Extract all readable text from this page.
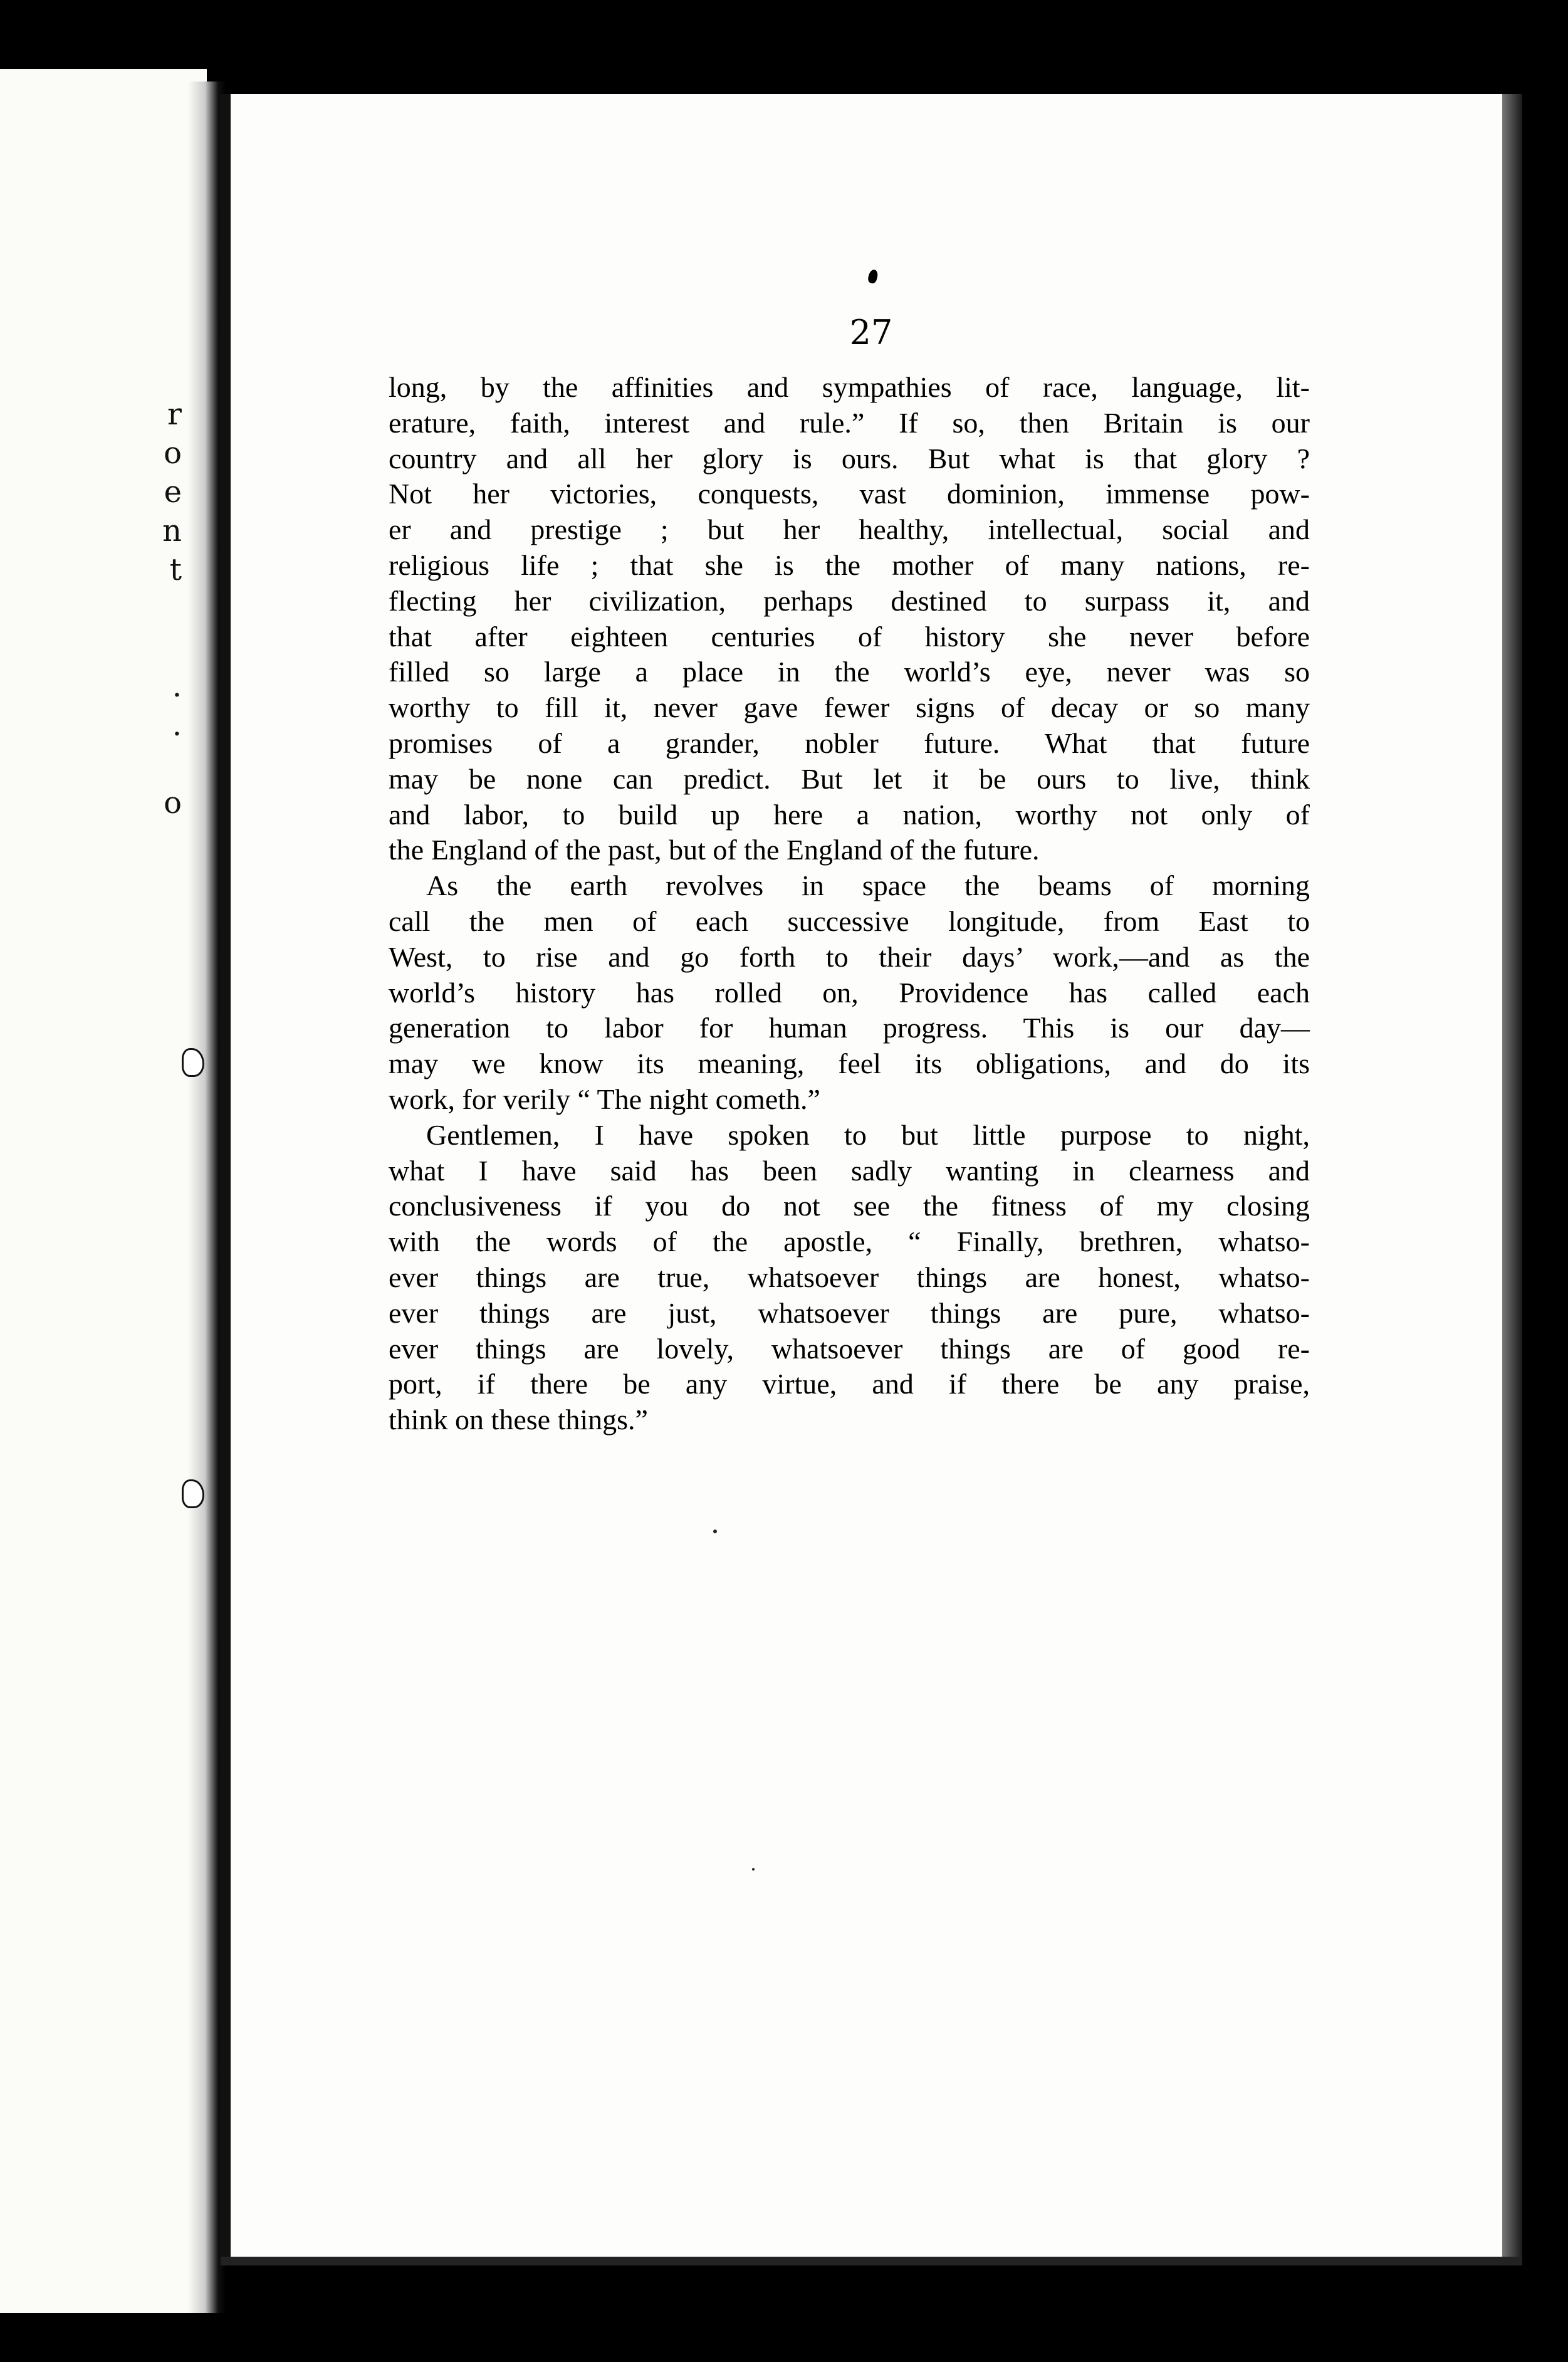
r
o
e
n
t
.
.
o
27
long, by the affinities and sympathies of race, language, lit-
erature, faith, interest and rule.” If so, then Britain is our
country and all her glory is ours. But what is that glory ?
Not her victories, conquests, vast dominion, immense pow-
er and prestige ; but her healthy, intellectual, social and
religious life ; that she is the mother of many nations, re-
flecting her civilization, perhaps destined to surpass it, and
that after eighteen centuries of history she never before
filled so large a place in the world’s eye, never was so
worthy to fill it, never gave fewer signs of decay or so many
promises of a grander, nobler future. What that future
may be none can predict. But let it be ours to live, think
and labor, to build up here a nation, worthy not only of
the England of the past, but of the England of the future.
As the earth revolves in space the beams of morning
call the men of each successive longitude, from East to
West, to rise and go forth to their days’ work,—and as the
world’s history has rolled on, Providence has called each
generation to labor for human progress. This is our day—
may we know its meaning, feel its obligations, and do its
work, for verily “ The night cometh.”
Gentlemen, I have spoken to but little purpose to night,
what I have said has been sadly wanting in clearness and
conclusiveness if you do not see the fitness of my closing
with the words of the apostle, “ Finally, brethren, whatso-
ever things are true, whatsoever things are honest, whatso-
ever things are just, whatsoever things are pure, whatso-
ever things are lovely, whatsoever things are of good re-
port, if there be any virtue, and if there be any praise,
think on these things.”
